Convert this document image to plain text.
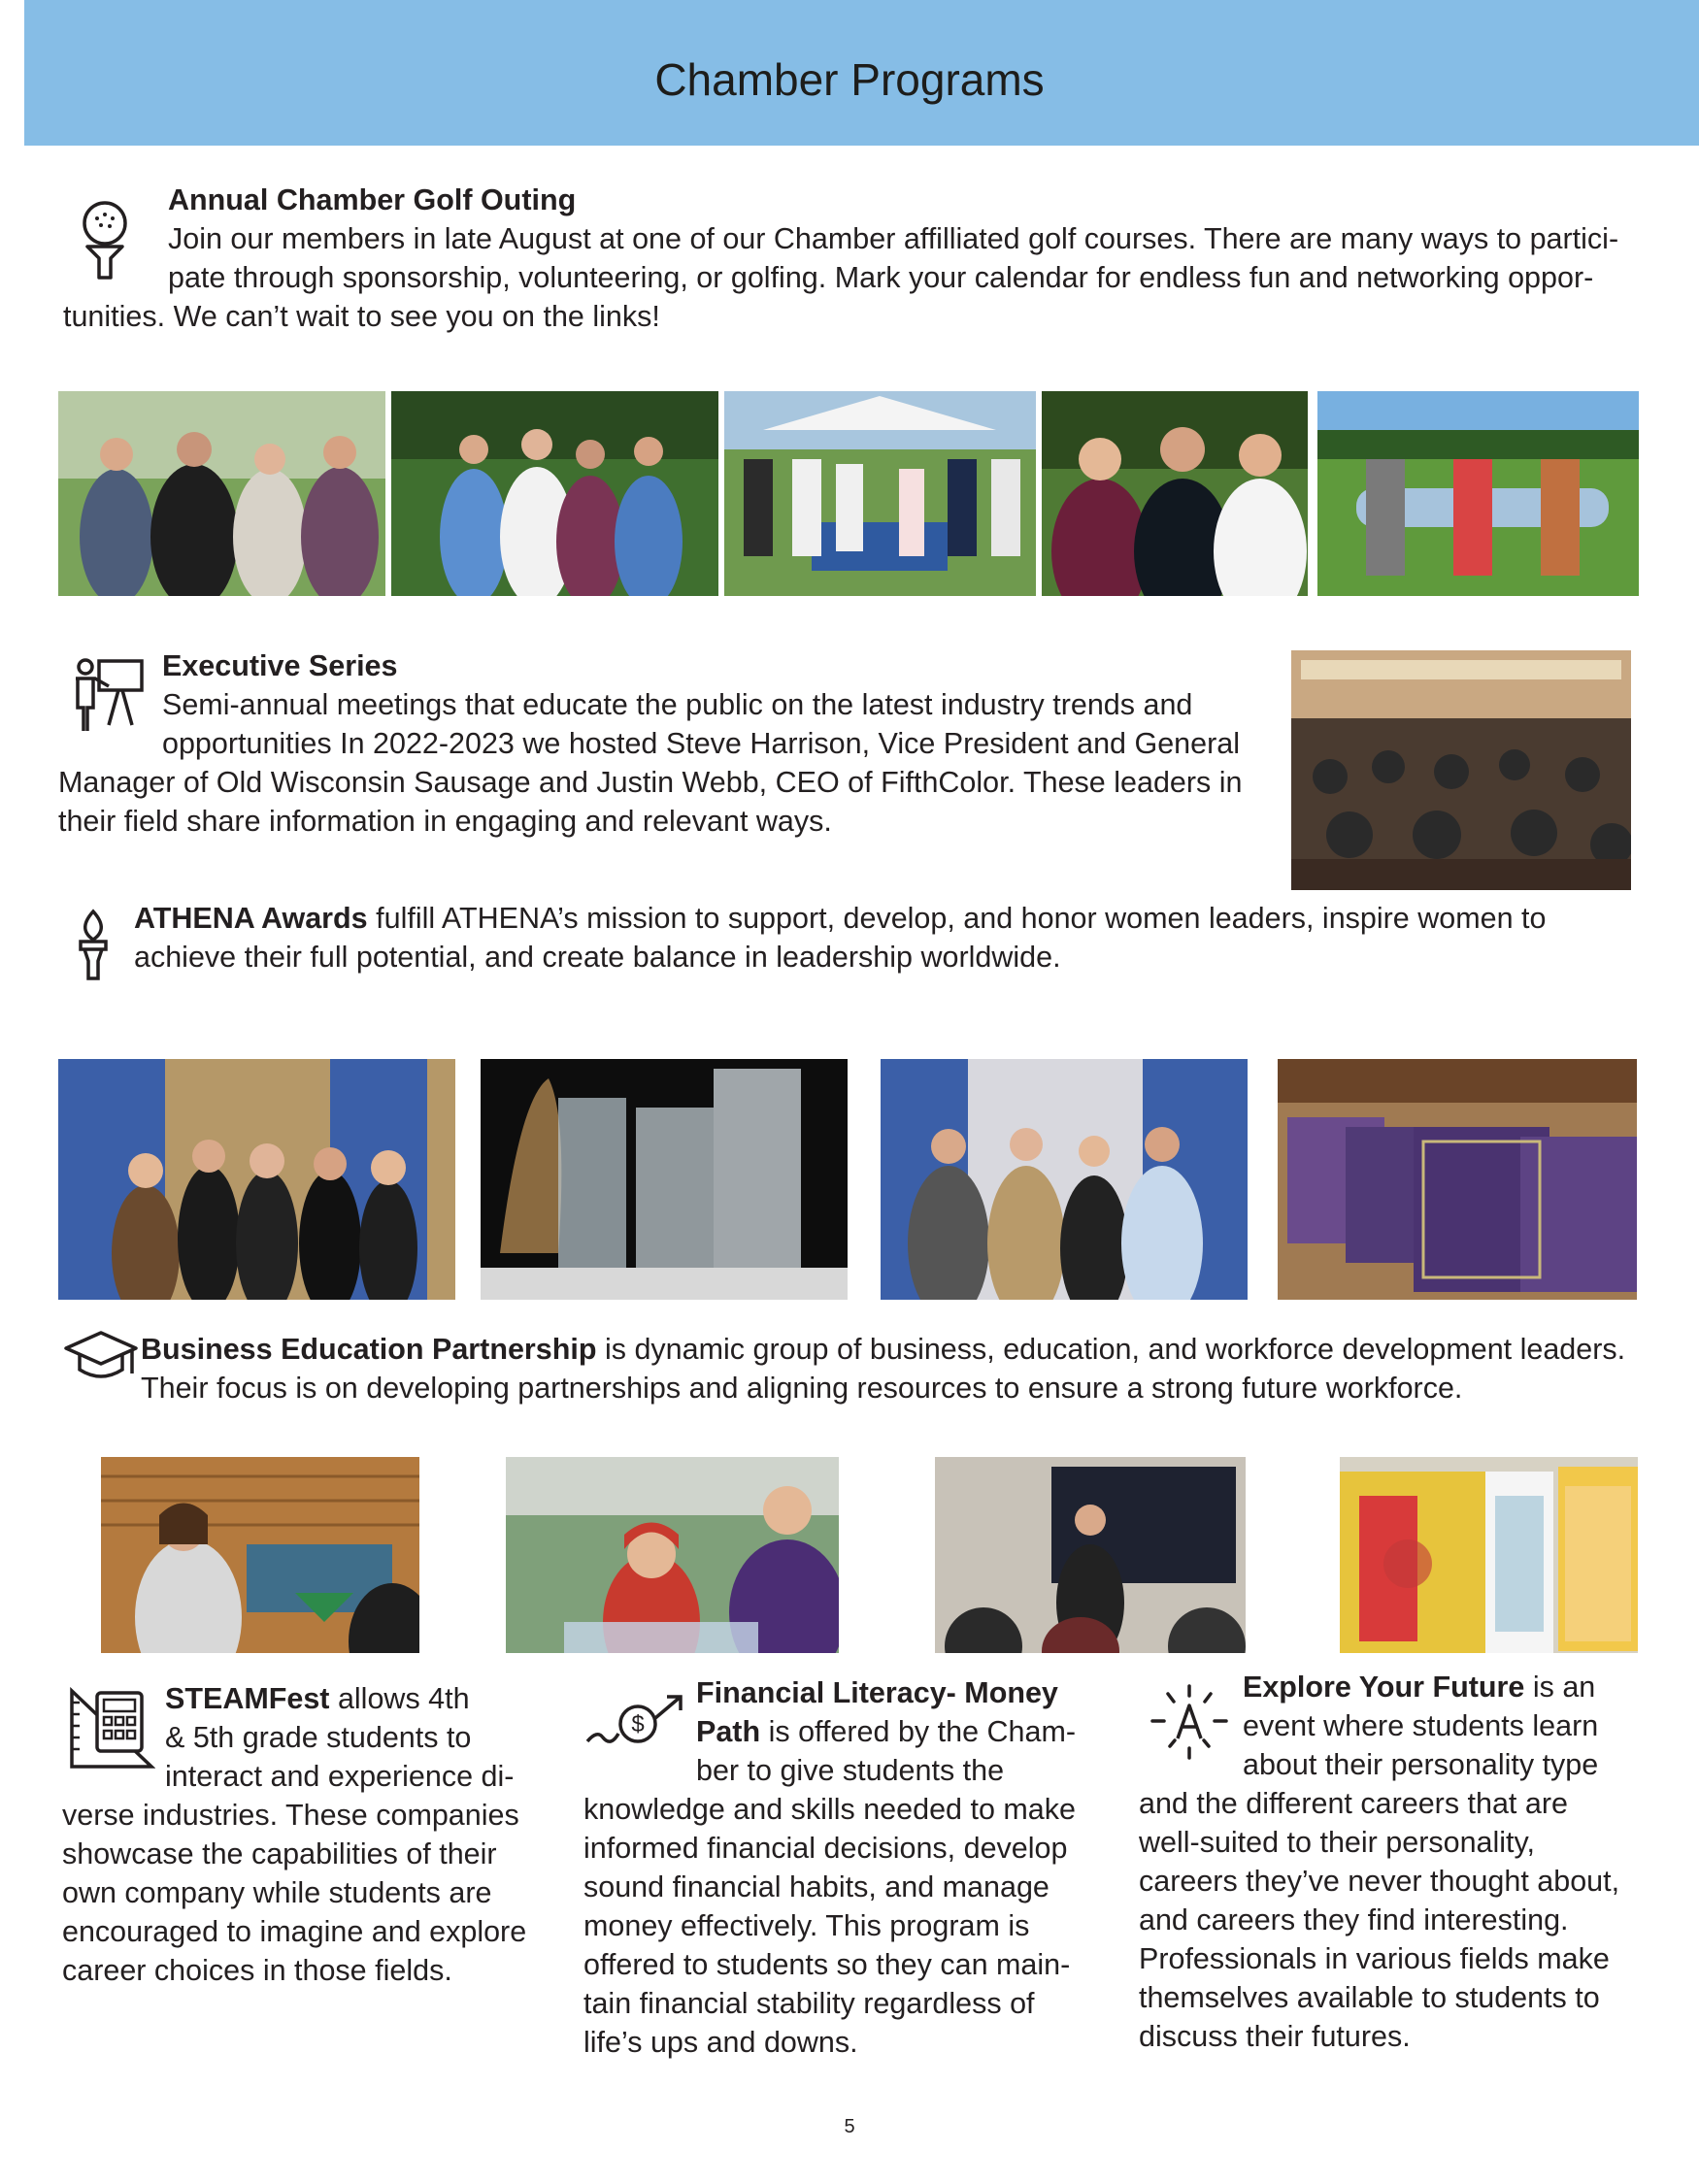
Chamber Programs
Annual Chamber Golf Outing
Join our members in late August at one of our Chamber affilliated golf courses. There are many ways to partici-
pate through sponsorship, volunteering, or golfing. Mark your calendar for endless fun and networking oppor-
tunities. We can’t wait to see you on the links!
Executive Series
Semi-annual meetings that educate the public on the latest industry trends and
opportunities In 2022-2023 we hosted Steve Harrison, Vice President and General
Manager of Old Wisconsin Sausage and Justin Webb, CEO of FifthColor. These leaders in
their field share information in engaging and relevant ways.
ATHENA Awards fulfill ATHENA’s mission to support, develop, and honor women leaders, inspire women to
achieve their full potential, and create balance in leadership worldwide.
Business Education Partnership is dynamic group of business, education, and workforce development leaders.
Their focus is on developing partnerships and aligning resources to ensure a strong future workforce.
STEAMFest allows 4th
& 5th grade students to
interact and experience di-
verse industries. These companies
showcase the capabilities of their
own company while students are
encouraged to imagine and explore
career choices in those fields.
$
Financial Literacy- Money
Path is offered by the Cham-
ber to give students the
knowledge and skills needed to make
informed financial decisions, develop
sound financial habits, and manage
money effectively. This program is
offered to students so they can main-
tain financial stability regardless of
life’s ups and downs.
Explore Your Future is an
event where students learn
about their personality type
and the different careers that are
well-suited to their personality,
careers they’ve never thought about,
and careers they find interesting.
Professionals in various fields make
themselves available to students to
discuss their futures.
5
